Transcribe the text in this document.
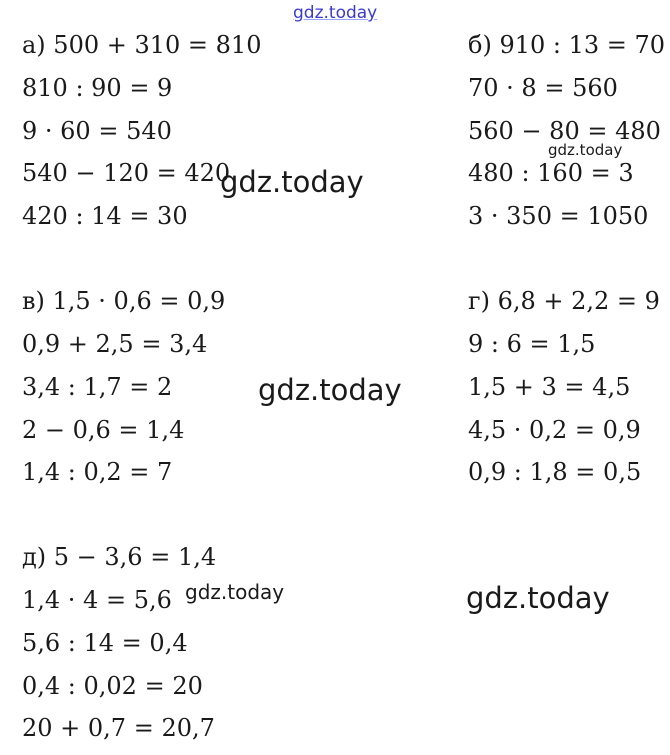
gdz.today
gdz.today
gdz.today
gdz.today
gdz.today	gdz.today
а) 500 + 310 = 810
810 : 90 = 9
9 · 60 = 540
540 − 120 = 420
420 : 14 = 30
б) 910 : 13 = 70
70 · 8 = 560
560 − 80 = 480
480 : 160 = 3
3 · 350 = 1050
в) 1,5 · 0,6 = 0,9
0,9 + 2,5 = 3,4
3,4 : 1,7 = 2
2 − 0,6 = 1,4
1,4 : 0,2 = 7
г) 6,8 + 2,2 = 9
9 : 6 = 1,5
1,5 + 3 = 4,5
4,5 · 0,2 = 0,9
0,9 : 1,8 = 0,5
д) 5 − 3,6 = 1,4
1,4 · 4 = 5,6
5,6 : 14 = 0,4
0,4 : 0,02 = 20
20 + 0,7 = 20,7
